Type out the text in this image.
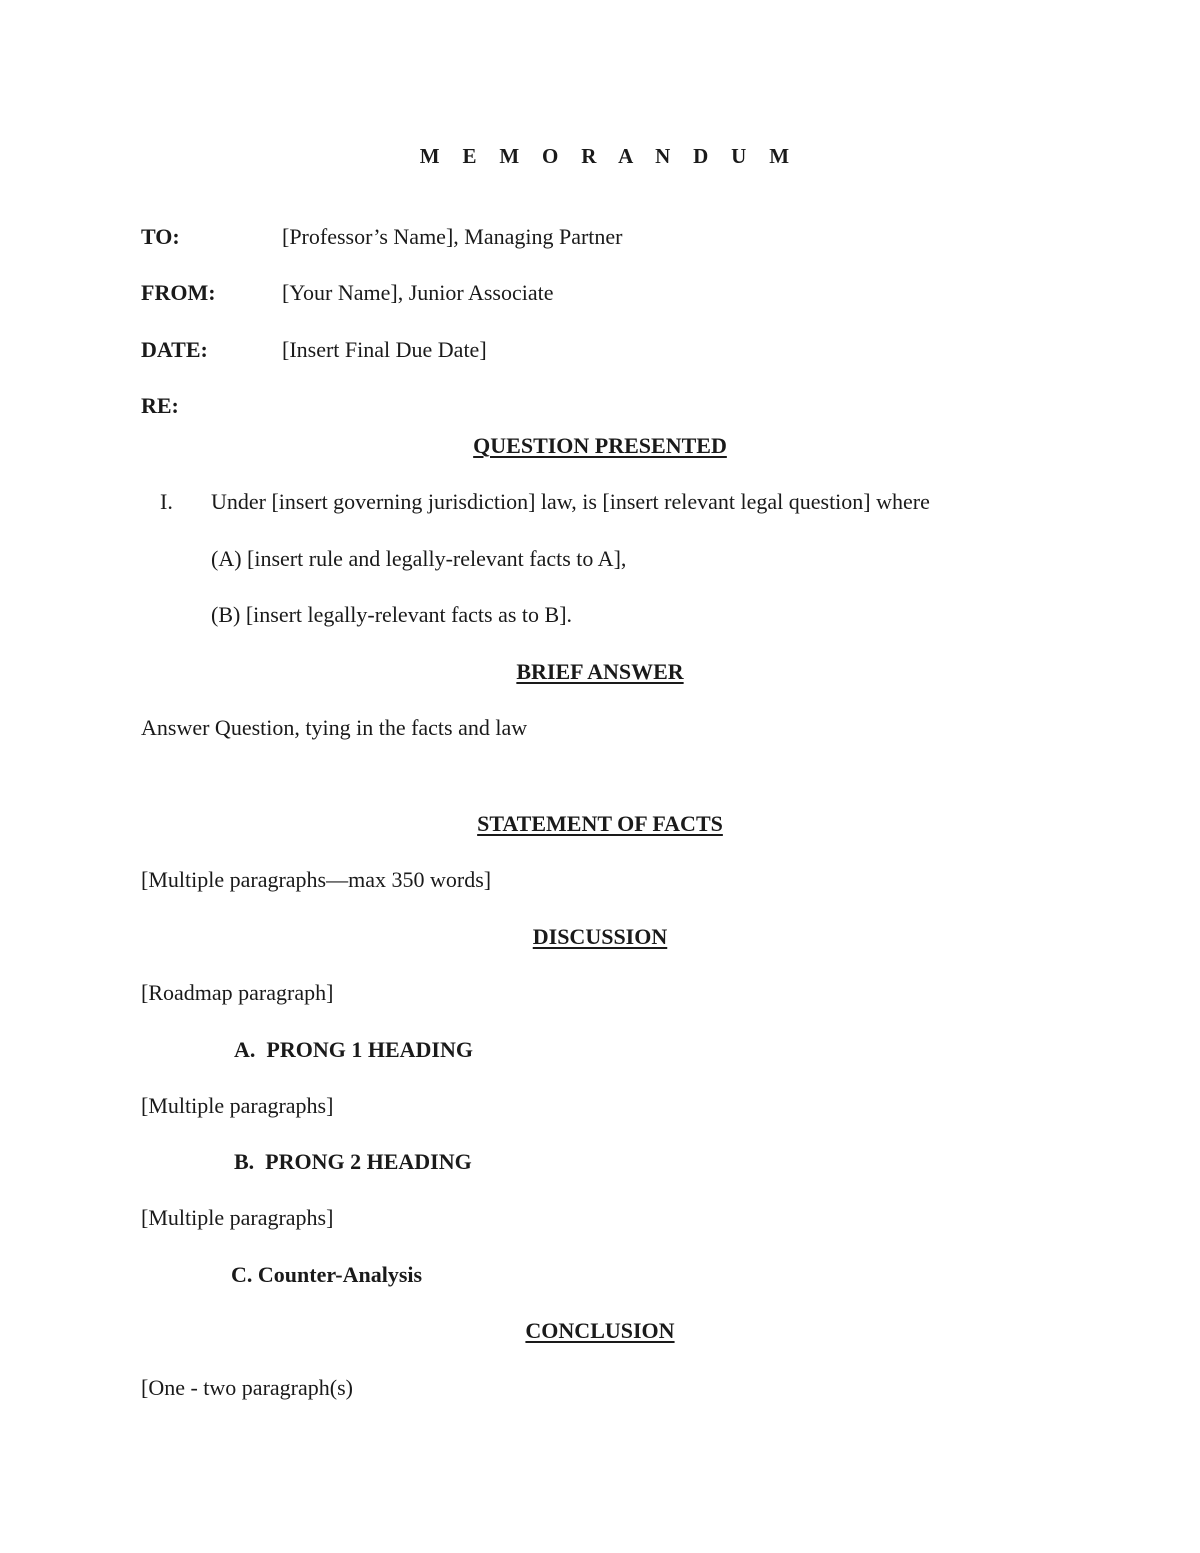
M E M O R A N D U M
TO:	[Professor’s Name], Managing Partner
FROM:	[Your Name], Junior Associate
DATE:	[Insert Final Due Date]
RE:
QUESTION PRESENTED
I. Under [insert governing jurisdiction] law, is [insert relevant legal question] where
(A) [insert rule and legally-relevant facts to A],
(B) [insert legally-relevant facts as to B].
BRIEF ANSWER
Answer Question, tying in the facts and law
STATEMENT OF FACTS
[Multiple paragraphs—max 350 words]
DISCUSSION
[Roadmap paragraph]
A.  PRONG 1 HEADING
[Multiple paragraphs]
B.  PRONG 2 HEADING
[Multiple paragraphs]
C. Counter-Analysis
CONCLUSION
[One - two paragraph(s)
